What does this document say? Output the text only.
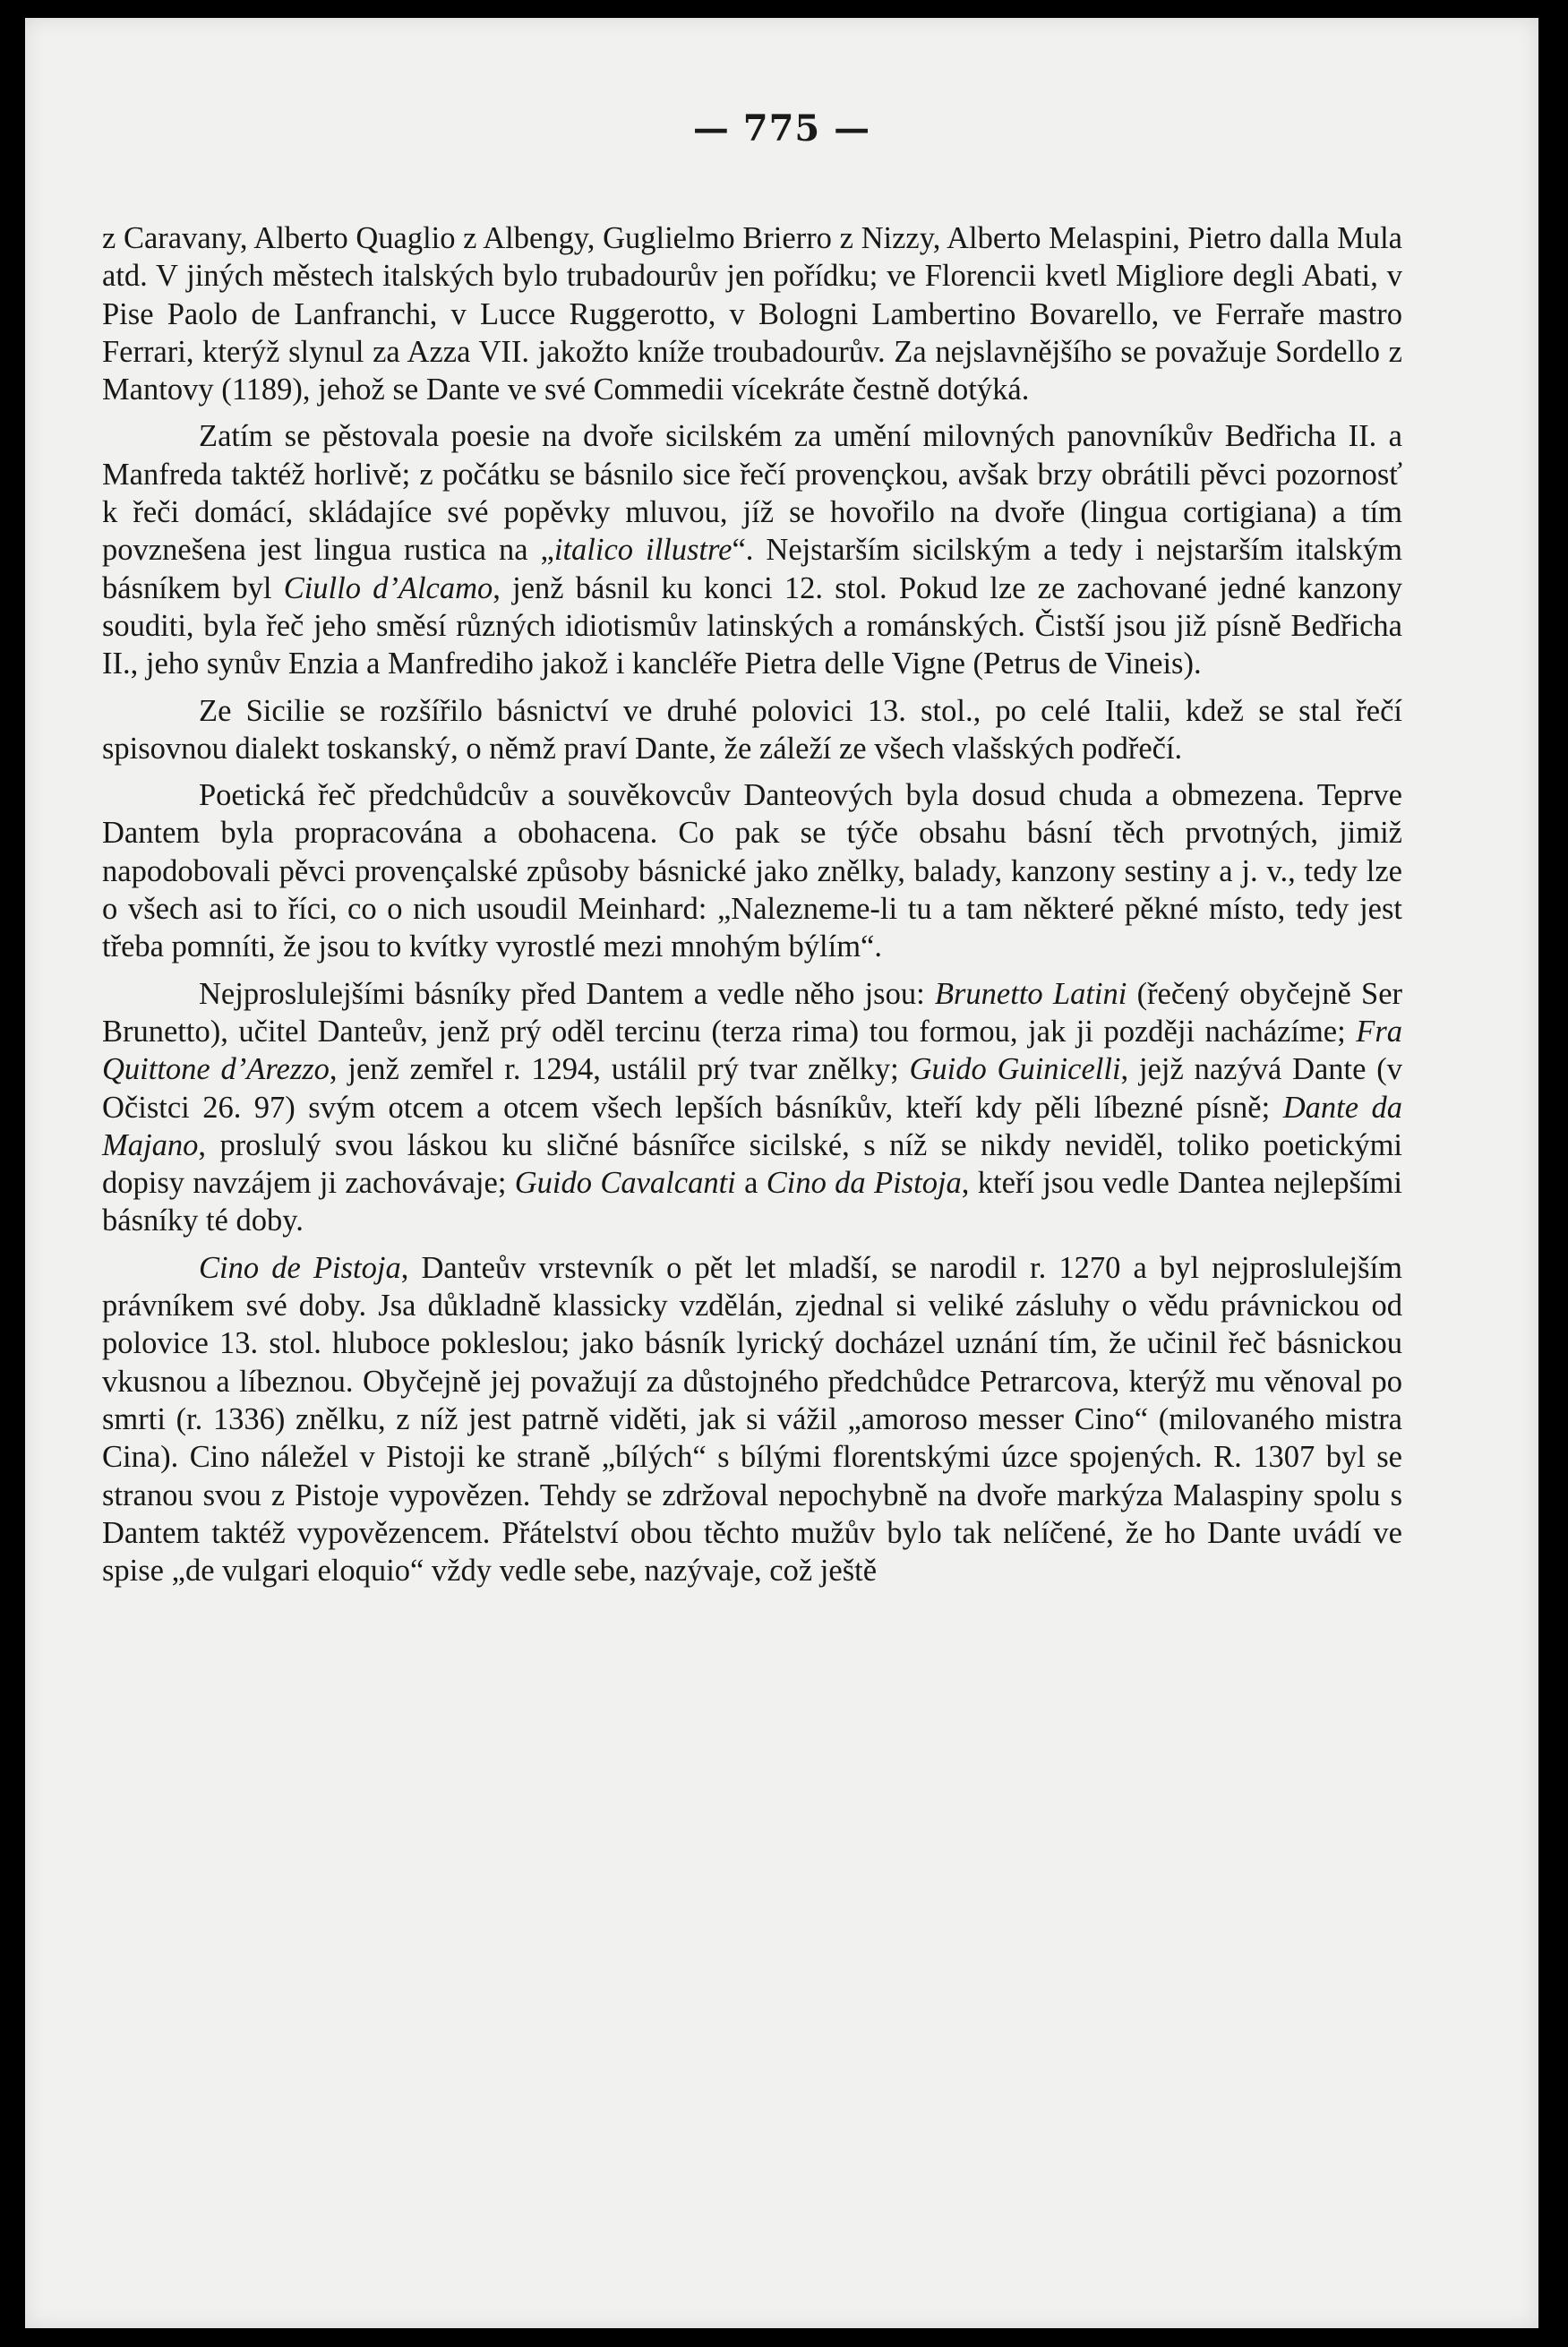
— 775 —

z Caravany, Alberto Quaglio z Albengy, Guglielmo Brierro z Nizzy, Alberto Melaspini, Pietro dalla Mula atd. V jiných městech italských bylo trubadourův jen pořídku; ve Florencii kvetl Migliore degli Abati, v Pise Paolo de Lanfranchi, v Lucce Ruggerotto, v Bologni Lambertino Bovarello, ve Ferraře mastro Ferrari, kterýž slynul za Azza VII. jakožto kníže troubadourův. Za nejslavnějšího se považuje Sordello z Mantovy (1189), jehož se Dante ve své Commedii vícekráte čestně dotýká.

Zatím se pěstovala poesie na dvoře sicilském za umění milovných panovníkův Bedřicha II. a Manfreda taktéž horlivě; z počátku se básnilo sice řečí provençkou, avšak brzy obrátili pěvci pozornosť k řeči domácí, skládajíce své popěvky mluvou, jíž se hovořilo na dvoře (lingua cortigiana) a tím povznešena jest lingua rustica na „italico illustre“. Nejstarším sicilským a tedy i nejstarším italským básníkem byl Ciullo d’Alcamo, jenž básnil ku konci 12. stol. Pokud lze ze zachované jedné kanzony souditi, byla řeč jeho směsí různých idiotismův latinských a románských. Čistší jsou již písně Bedřicha II., jeho synův Enzia a Manfrediho jakož i kancléře Pietra delle Vigne (Petrus de Vineis).

Ze Sicilie se rozšířilo básnictví ve druhé polovici 13. stol., po celé Italii, kdež se stal řečí spisovnou dialekt toskanský, o němž praví Dante, že záleží ze všech vlašských podřečí.

Poetická řeč předchůdcův a souvěkovcův Danteových byla dosud chuda a obmezena. Teprve Dantem byla propracována a obohacena. Co pak se týče obsahu básní těch prvotných, jimiž napodobovali pěvci provençalské způsoby básnické jako znělky, balady, kanzony sestiny a j. v., tedy lze o všech asi to říci, co o nich usoudil Meinhard: „Nalezneme-li tu a tam některé pěkné místo, tedy jest třeba pomníti, že jsou to kvítky vyrostlé mezi mnohým býlím“.

Nejproslulejšími básníky před Dantem a vedle něho jsou: Brunetto Latini (řečený obyčejně Ser Brunetto), učitel Danteův, jenž prý oděl tercinu (terza rima) tou formou, jak ji později nacházíme; Fra Quittone d’Arezzo, jenž zemřel r. 1294, ustálil prý tvar znělky; Guido Guinicelli, jejž nazývá Dante (v Očistci 26. 97) svým otcem a otcem všech lepších básníkův, kteří kdy pěli líbezné písně; Dante da Majano, proslulý svou láskou ku sličné básnířce sicilské, s níž se nikdy neviděl, toliko poetickými dopisy navzájem ji zachovávaje; Guido Cavalcanti a Cino da Pistoja, kteří jsou vedle Dantea nejlepšími básníky té doby.

Cino de Pistoja, Danteův vrstevník o pět let mladší, se narodil r. 1270 a byl nejproslulejším právníkem své doby. Jsa důkladně klassicky vzdělán, zjednal si veliké zásluhy o vědu právnickou od polovice 13. stol. hluboce pokleslou; jako básník lyrický docházel uznání tím, že učinil řeč básnickou vkusnou a líbeznou. Obyčejně jej považují za důstojného předchůdce Petrarcova, kterýž mu věnoval po smrti (r. 1336) znělku, z níž jest patrně viděti, jak si vážil „amoroso messer Cino“ (milovaného mistra Cina). Cino náležel v Pistoji ke straně „bílých“ s bílými florentskými úzce spojených. R. 1307 byl se stranou svou z Pistoje vypovězen. Tehdy se zdržoval nepochybně na dvoře markýza Malaspiny spolu s Dantem taktéž vypovězencem. Přátelství obou těchto mužův bylo tak nelíčené, že ho Dante uvádí ve spise „de vulgari eloquio“ vždy vedle sebe, nazývaje, což ještě
